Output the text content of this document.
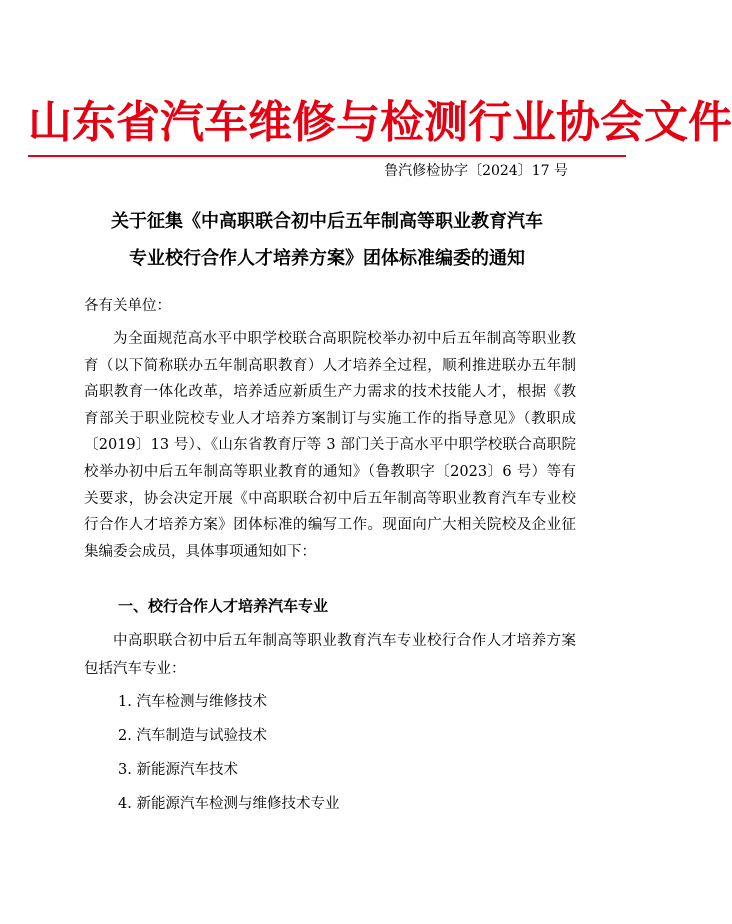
山东省汽车维修与检测行业协会文件
鲁汽修检协字〔2024〕17 号
关于征集《中高职联合初中后五年制高等职业教育汽车
专业校行合作人才培养方案》团体标准编委的通知
各有关单位：
为全面规范高水平中职学校联合高职院校举办初中后五年制高等职业教育（以下简称联办五年制高职教育）人才培养全过程，顺利推进联办五年制高职教育一体化改革，培养适应新质生产力需求的技术技能人才，根据《教育部关于职业院校专业人才培养方案制订与实施工作的指导意见》（教职成〔2019〕13 号）、《山东省教育厅等 3 部门关于高水平中职学校联合高职院校举办初中后五年制高等职业教育的通知》（鲁教职字〔2023〕6 号）等有关要求，协会决定开展《中高职联合初中后五年制高等职业教育汽车专业校行合作人才培养方案》团体标准的编写工作。现面向广大相关院校及企业征集编委会成员，具体事项通知如下：
一、校行合作人才培养汽车专业
中高职联合初中后五年制高等职业教育汽车专业校行合作人才培养方案包括汽车专业：
1. 汽车检测与维修技术
2. 汽车制造与试验技术
3. 新能源汽车技术
4. 新能源汽车检测与维修技术专业
